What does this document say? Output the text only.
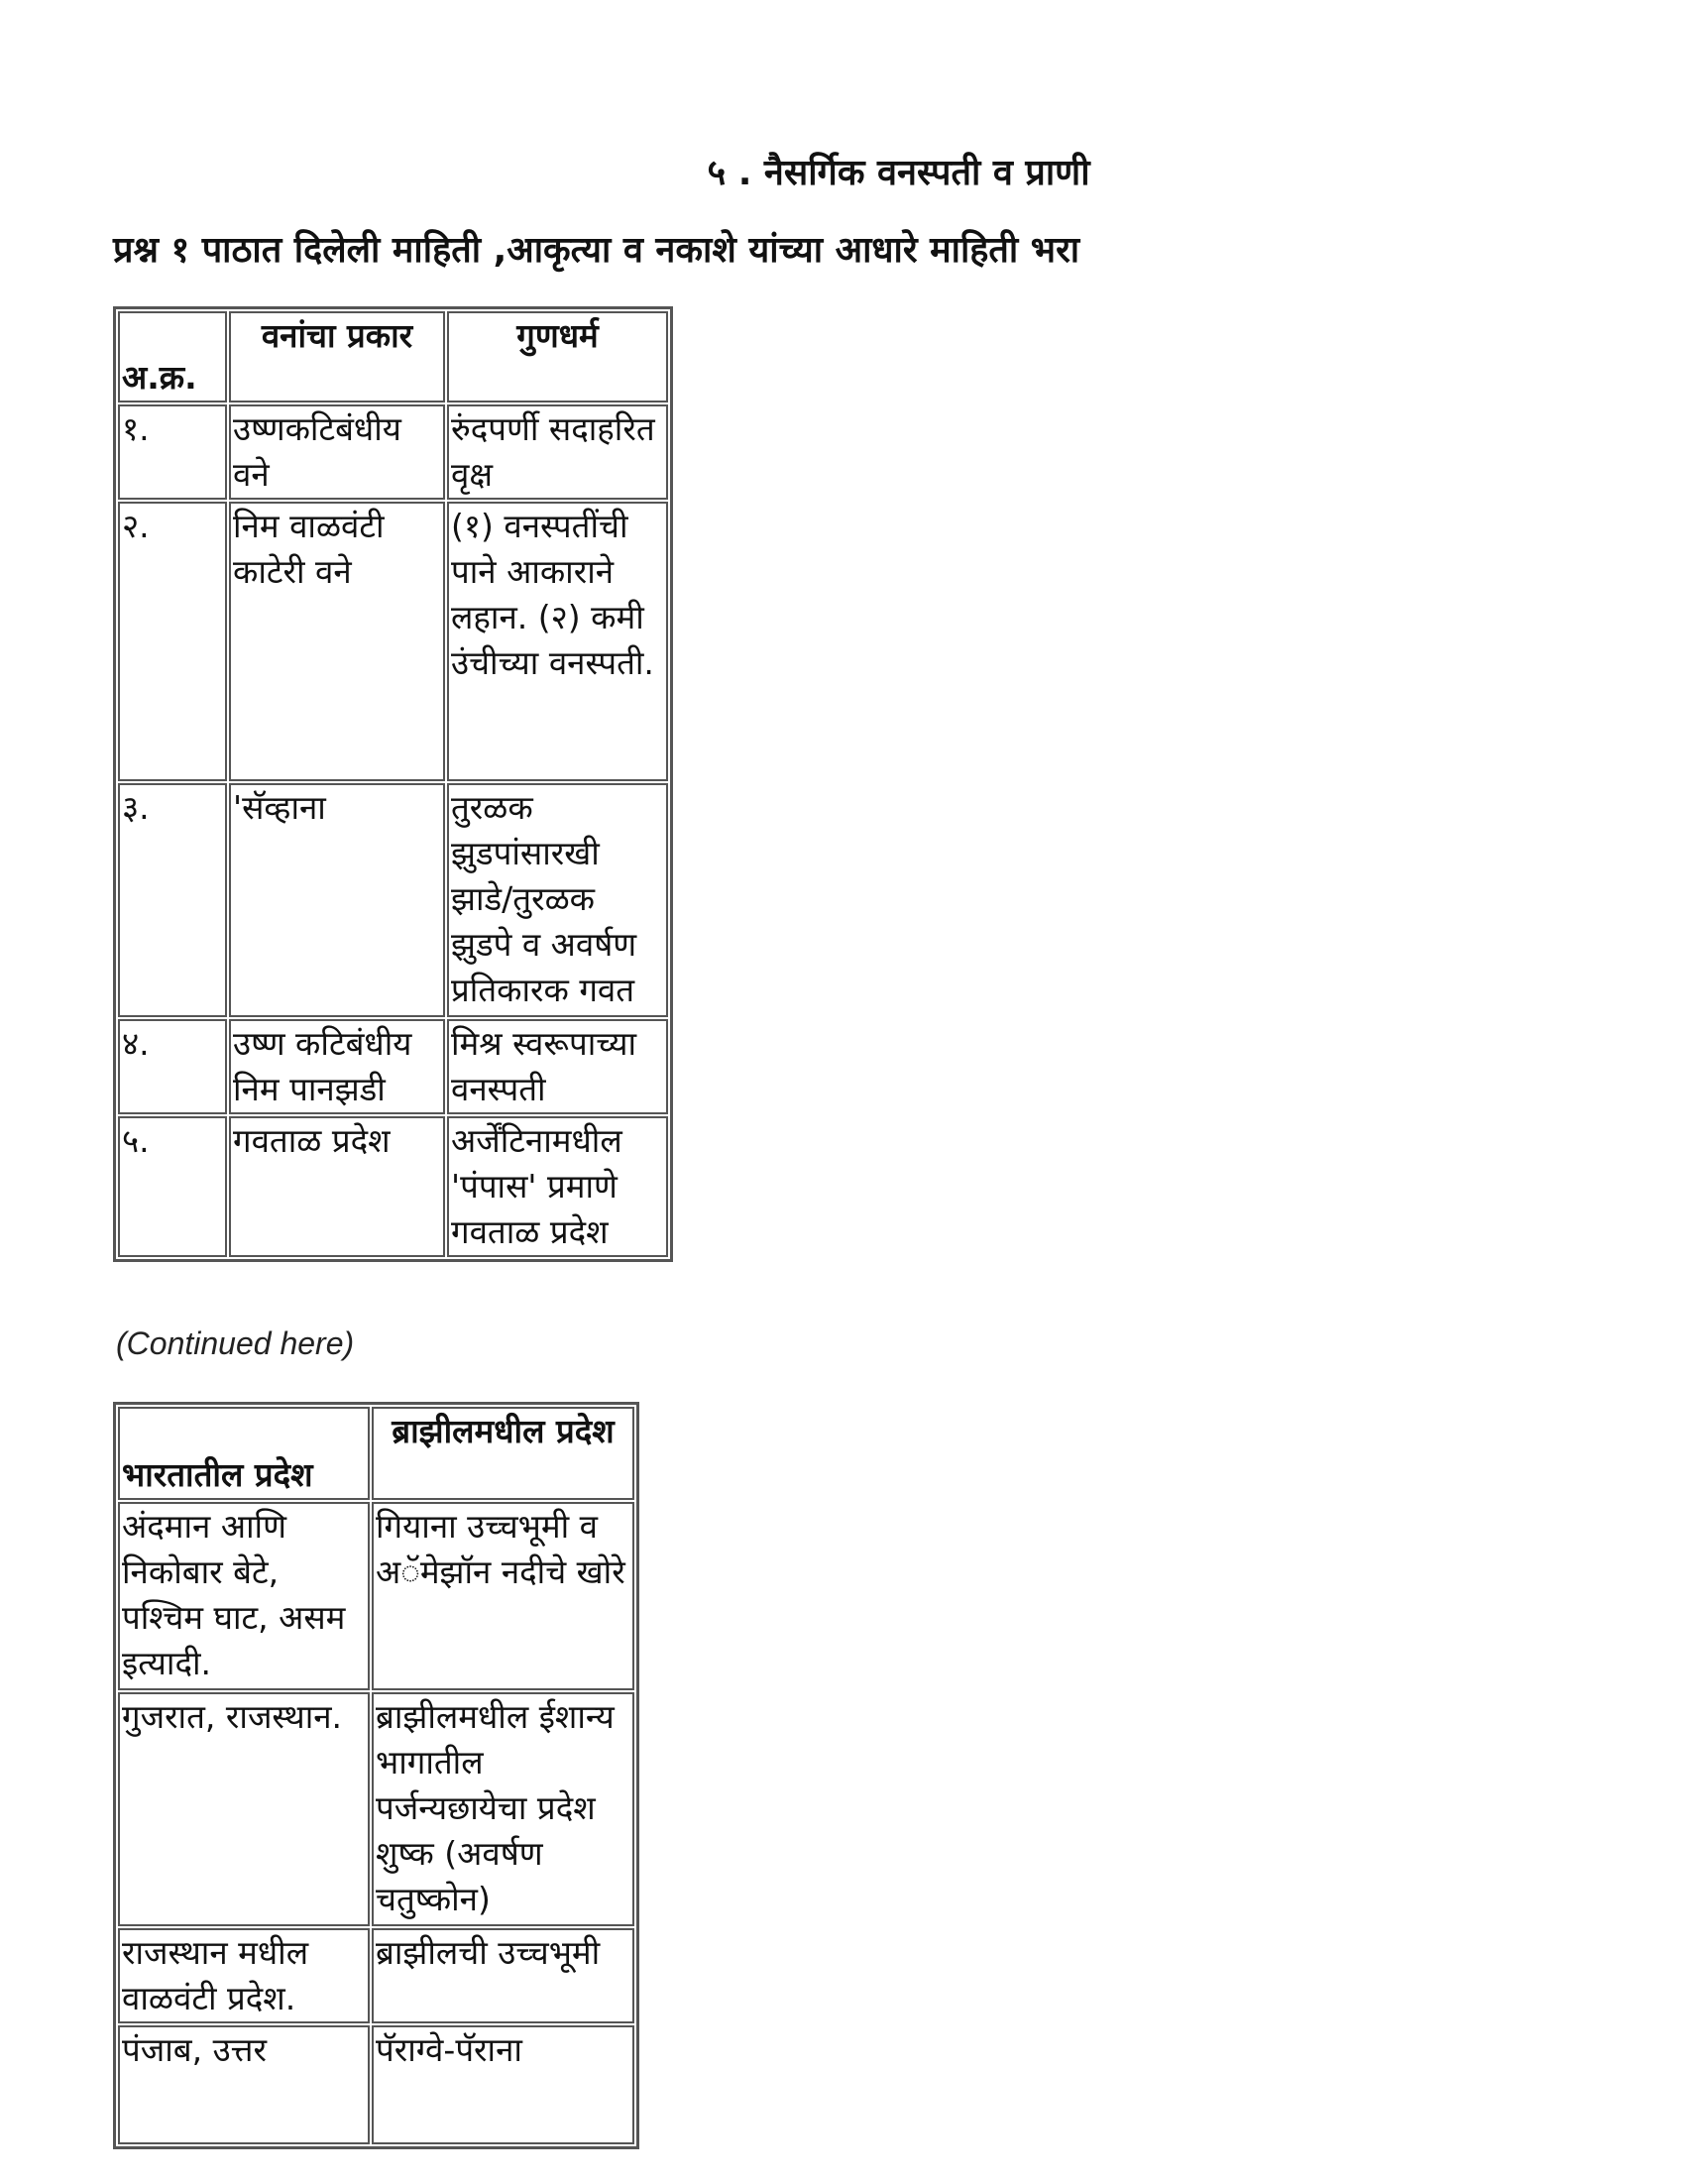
५ . नैसर्गिक वनस्पती व प्राणी
प्रश्न १ पाठात दिलेली माहिती ,आकृत्या व नकाशे यांच्या आधारे माहिती भरा
अ.क्र.	वनांचा प्रकार	गुणधर्म
१.	उष्णकटिबंधीय वने	रुंदपर्णी सदाहरित वृक्ष
२.	निम वाळवंटी काटेरी वने	(१) वनस्पतींची पाने आकाराने लहान. (२) कमी उंचीच्या वनस्पती.
३.	'सॅव्हाना	तुरळक झुडपांसारखी झाडे/तुरळक झुडपे व अवर्षण प्रतिकारक गवत
४.	उष्ण कटिबंधीय निम पानझडी	मिश्र स्वरूपाच्या वनस्पती
५.	गवताळ प्रदेश	अर्जेंटिनामधील 'पंपास' प्रमाणे गवताळ प्रदेश
(Continued here)
भारतातील प्रदेश	ब्राझीलमधील प्रदेश
अंदमान आणि निकोबार बेटे, पश्चिम घाट, असम इत्यादी.	गियाना उच्चभूमी व अॅमेझॉन नदीचे खोरे
गुजरात, राजस्थान.	ब्राझीलमधील ईशान्य भागातील पर्जन्यछायेचा प्रदेश शुष्क (अवर्षण चतुष्कोन)
राजस्थान मधील वाळवंटी प्रदेश.	ब्राझीलची उच्चभूमी
पंजाब, उत्तर	पॅराग्वे-पॅराना
